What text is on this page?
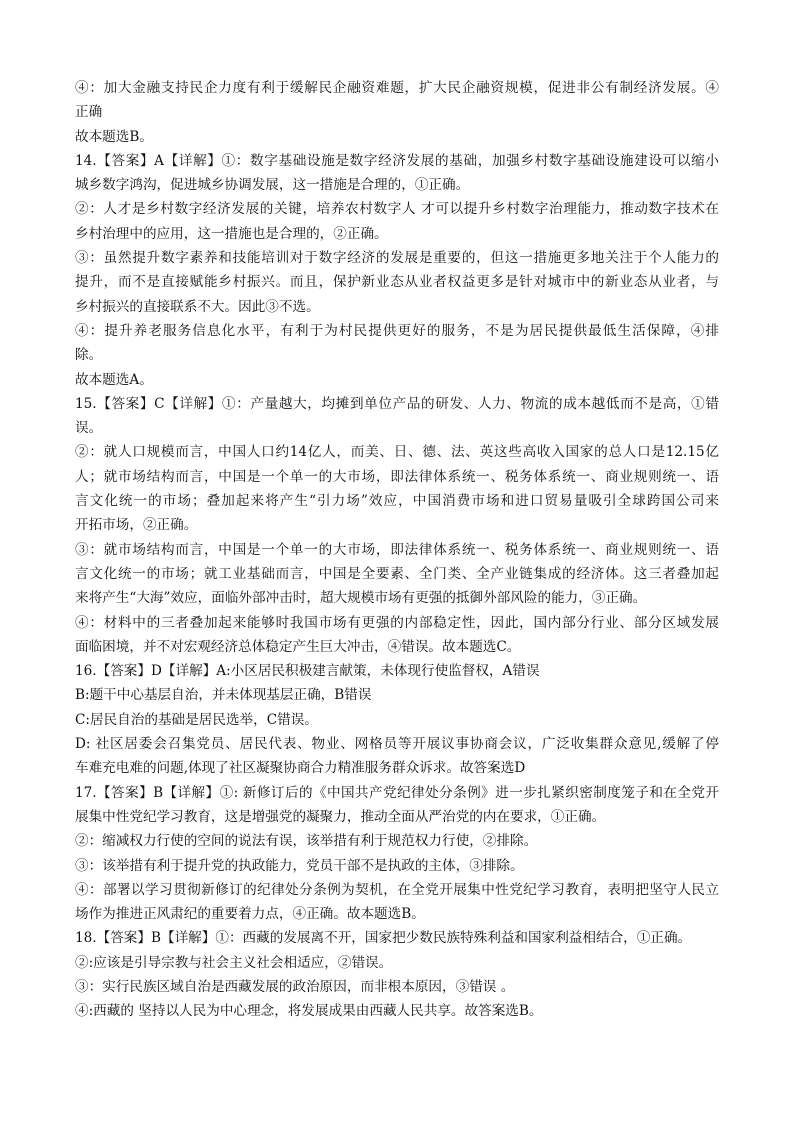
④：加大金融支持民企力度有利于缓解民企融资难题，扩大民企融资规模，促进非公有制经济发展。④
正确
故本题选B。
14.【答案】A【详解】①：数字基础设施是数字经济发展的基础，加强乡村数字基础设施建设可以缩小
城乡数字鸿沟，促进城乡协调发展，这一措施是合理的，①正确。
②：人才是乡村数字经济发展的关键，培养农村数字人 才可以提升乡村数字治理能力，推动数字技术在
乡村治理中的应用，这一措施也是合理的，②正确。
③：虽然提升数字素养和技能培训对于数字经济的发展是重要的，但这一措施更多地关注于个人能力的
提升，而不是直接赋能乡村振兴。而且，保护新业态从业者权益更多是针对城市中的新业态从业者，与
乡村振兴的直接联系不大。因此③不选。
④：提升养老服务信息化水平，有利于为村民提供更好的服务，不是为居民提供最低生活保障，④排
除。
故本题选A。
15.【答案】C【详解】①：产量越大，均摊到单位产品的研发、人力、物流的成本越低而不是高，①错
误。
②：就人口规模而言，中国人口约14亿人，而美、日、德、法、英这些高收入国家的总人口是12.15亿
人；就市场结构而言，中国是一个单一的大市场，即法律体系统一、税务体系统一、商业规则统一、语
言文化统一的市场；叠加起来将产生“引力场”效应，中国消费市场和进口贸易量吸引全球跨国公司来
开拓市场，②正确。
③：就市场结构而言，中国是一个单一的大市场，即法律体系统一、税务体系统一、商业规则统一、语
言文化统一的市场；就工业基础而言，中国是全要素、全门类、全产业链集成的经济体。这三者叠加起
来将产生“大海”效应，面临外部冲击时，超大规模市场有更强的抵御外部风险的能力，③正确。
④：材料中的三者叠加起来能够时我国市场有更强的内部稳定性，因此，国内部分行业、部分区域发展
面临困境，并不对宏观经济总体稳定产生巨大冲击，④错误。故本题选C。
16.【答案】D【详解】A:小区居民积极建言献策，未体现行使监督权，A错误
B:题干中心基层自治，并未体现基层正确，B错误
C:居民自治的基础是居民选举，C错误。
D: 社区居委会召集党员、居民代表、物业、网格员等开展议事协商会议，广泛收集群众意见,缓解了停
车难充电难的问题,体现了社区凝聚协商合力精准服务群众诉求。故答案选D
17.【答案】B【详解】①: 新修订后的《中国共产党纪律处分条例》进一步扎紧织密制度笼子和在全党开
展集中性党纪学习教育，这是增强党的凝聚力，推动全面从严治党的内在要求，①正确。
②：缩减权力行使的空间的说法有误，该举措有利于规范权力行使，②排除。
③：该举措有利于提升党的执政能力，党员干部不是执政的主体，③排除。
④：部署以学习贯彻新修订的纪律处分条例为契机，在全党开展集中性党纪学习教育，表明把坚守人民立
场作为推进正风肃纪的重要着力点，④正确。故本题选B。
18.【答案】B【详解】①：西藏的发展离不开，国家把少数民族特殊利益和国家利益相结合，①正确。
②:应该是引导宗教与社会主义社会相适应，②错误。
③：实行民族区域自治是西藏发展的政治原因，而非根本原因，③错误 。
④:西藏的 坚持以人民为中心理念，将发展成果由西藏人民共享。故答案选B。
